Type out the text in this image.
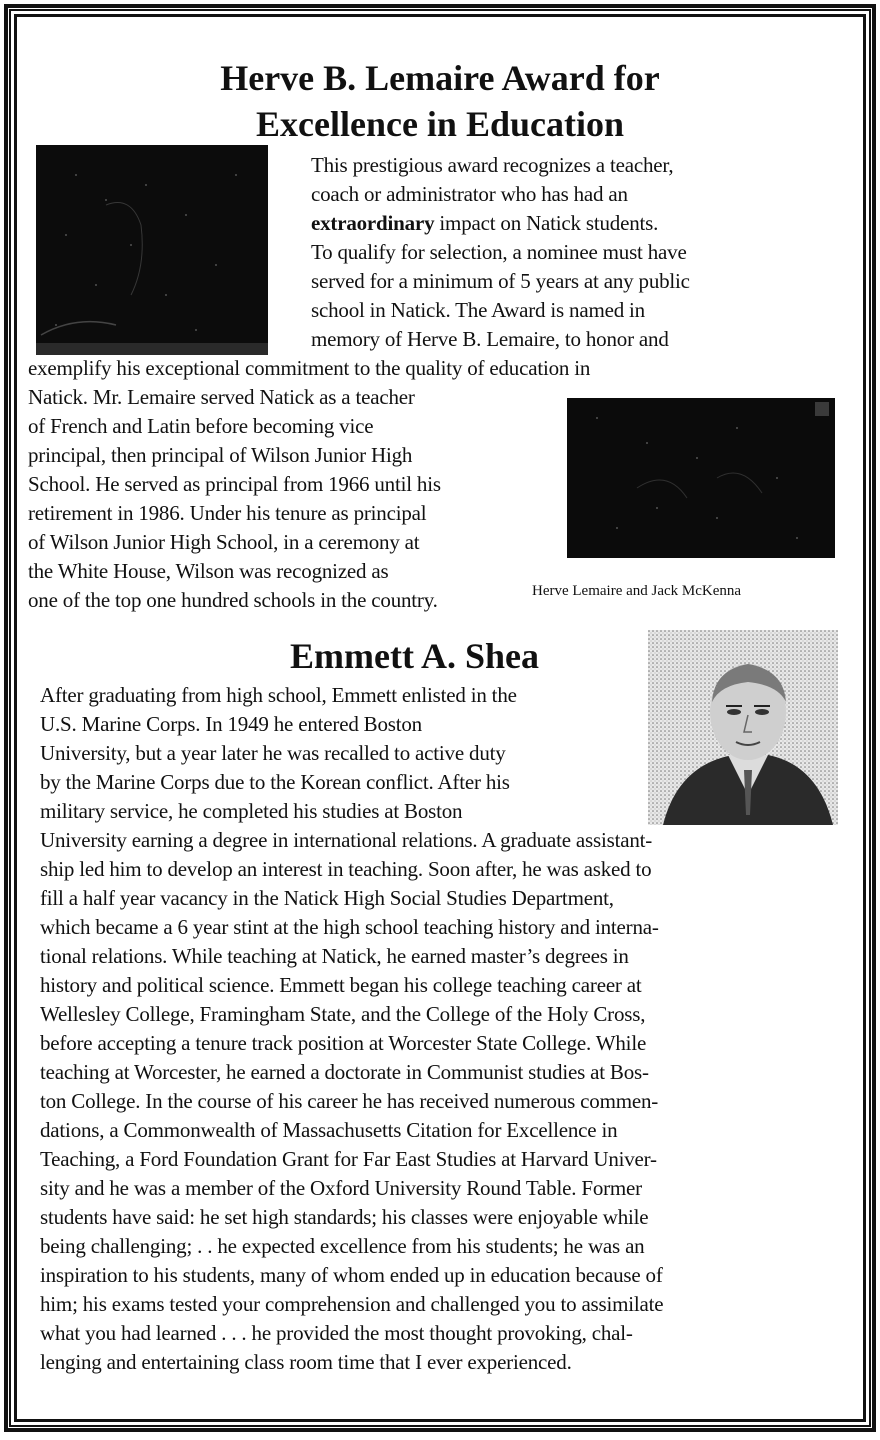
Herve B. Lemaire Award for
Excellence in Education
This prestigious award recognizes a teacher,
coach or administrator who has had an
extraordinary impact on Natick students.
To qualify for selection, a nominee must have
served for a minimum of 5 years at any public
school in Natick. The Award is named in
memory of Herve B. Lemaire, to honor and
exemplify his exceptional commitment to the quality of education in
Natick. Mr. Lemaire served Natick as a teacher
of French and Latin before becoming vice
principal, then principal of Wilson Junior High
School. He served as principal from 1966 until his
retirement in 1986. Under his tenure as principal
of Wilson Junior High School, in a ceremony at
the White House, Wilson was recognized as
one of the top one hundred schools in the country.	Herve Lemaire and Jack McKenna
Emmett A. Shea
After graduating from high school, Emmett enlisted in the
U.S. Marine Corps. In 1949 he entered Boston
University, but a year later he was recalled to active duty
by the Marine Corps due to the Korean conflict. After his
military service, he completed his studies at Boston
University earning a degree in international relations. A graduate assistant-
ship led him to develop an interest in teaching. Soon after, he was asked to
fill a half year vacancy in the Natick High Social Studies Department,
which became a 6 year stint at the high school teaching history and interna-
tional relations. While teaching at Natick, he earned master’s degrees in
history and political science. Emmett began his college teaching career at
Wellesley College, Framingham State, and the College of the Holy Cross,
before accepting a tenure track position at Worcester State College. While
teaching at Worcester, he earned a doctorate in Communist studies at Bos-
ton College. In the course of his career he has received numerous commen-
dations, a Commonwealth of Massachusetts Citation for Excellence in
Teaching, a Ford Foundation Grant for Far East Studies at Harvard Univer-
sity and he was a member of the Oxford University Round Table. Former
students have said: he set high standards; his classes were enjoyable while
being challenging; . . he expected excellence from his students; he was an
inspiration to his students, many of whom ended up in education because of
him; his exams tested your comprehension and challenged you to assimilate
what you had learned . . . he provided the most thought provoking, chal-
lenging and entertaining class room time that I ever experienced.
